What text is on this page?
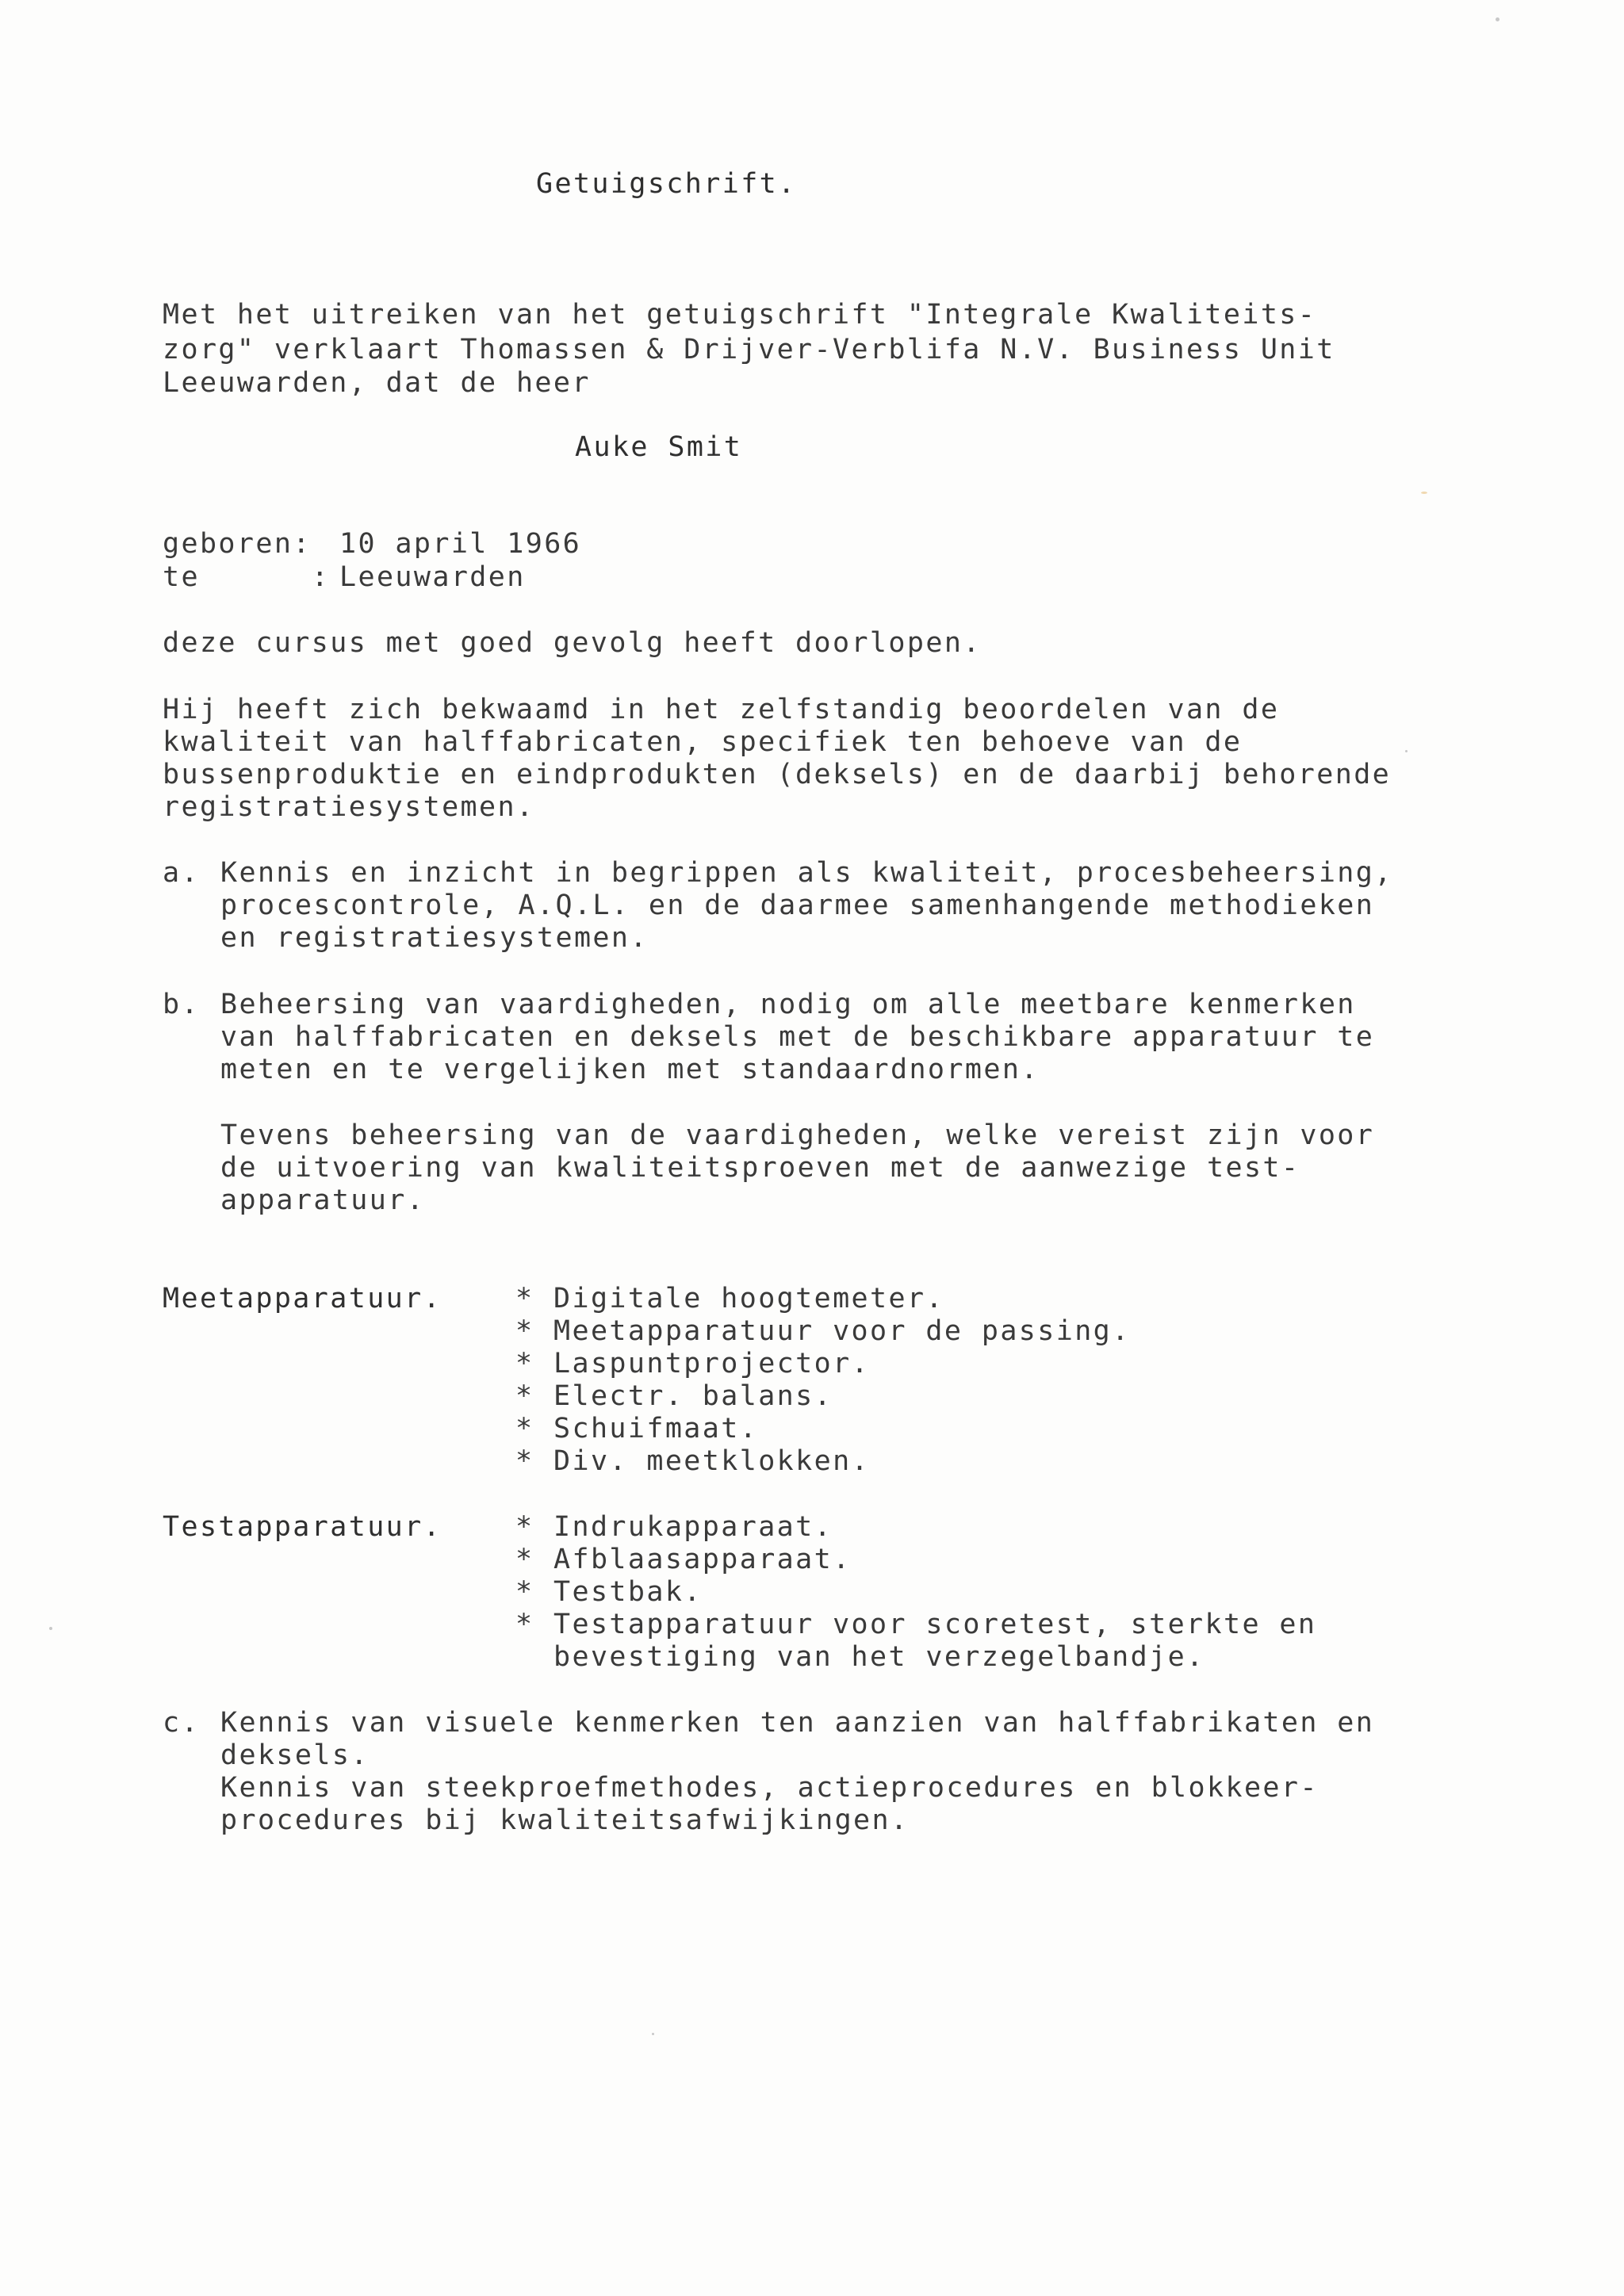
Getuigschrift.
Met het uitreiken van het getuigschrift "Integrale Kwaliteits-
zorg" verklaart Thomassen & Drijver-Verblifa N.V. Business Unit
Leeuwarden, dat de heer
Auke Smit
geboren: 10 april 1966
te      : Leeuwarden
deze cursus met goed gevolg heeft doorlopen.
Hij heeft zich bekwaamd in het zelfstandig beoordelen van de
kwaliteit van halffabricaten, specifiek ten behoeve van de
bussenproduktie en eindprodukten (deksels) en de daarbij behorende
registratiesystemen.
a. Kennis en inzicht in begrippen als kwaliteit, procesbeheersing,
procescontrole, A.Q.L. en de daarmee samenhangende methodieken
en registratiesystemen.
b. Beheersing van vaardigheden, nodig om alle meetbare kenmerken
van halffabricaten en deksels met de beschikbare apparatuur te
meten en te vergelijken met standaardnormen.
Tevens beheersing van de vaardigheden, welke vereist zijn voor
de uitvoering van kwaliteitsproeven met de aanwezige test-
apparatuur.
Meetapparatuur.	* Digitale hoogtemeter.
* Meetapparatuur voor de passing.
* Laspuntprojector.
* Electr. balans.
* Schuifmaat.
* Div. meetklokken.
Testapparatuur.	* Indrukapparaat.
* Afblaasapparaat.
* Testbak.
* Testapparatuur voor scoretest, sterkte en
bevestiging van het verzegelbandje.
c. Kennis van visuele kenmerken ten aanzien van halffabrikaten en
deksels.
Kennis van steekproefmethodes, actieprocedures en blokkeer-
procedures bij kwaliteitsafwijkingen.
